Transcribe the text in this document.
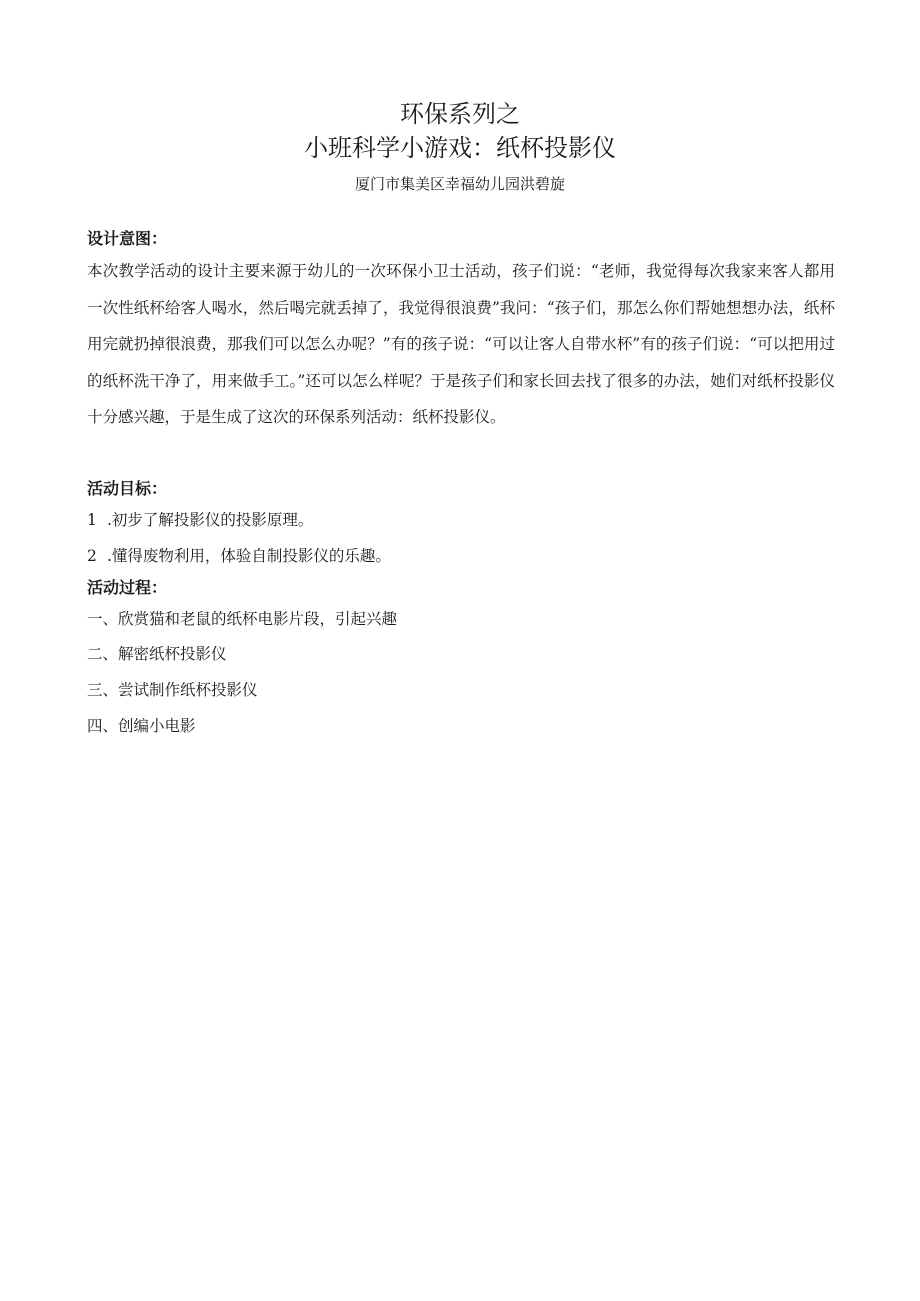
环保系列之
小班科学小游戏：纸杯投影仪
厦门市集美区幸福幼儿园洪碧旋
设计意图：
本次教学活动的设计主要来源于幼儿的一次环保小卫士活动，孩子们说：“老师，我觉得每次我家来客人都用一次性纸杯给客人喝水，然后喝完就丢掉了，我觉得很浪费”我问：“孩子们，那怎么你们帮她想想办法，纸杯用完就扔掉很浪费，那我们可以怎么办呢？”有的孩子说：“可以让客人自带水杯”有的孩子们说：“可以把用过的纸杯洗干净了，用来做手工。”还可以怎么样呢？于是孩子们和家长回去找了很多的办法，她们对纸杯投影仪十分感兴趣，于是生成了这次的环保系列活动：纸杯投影仪。
活动目标：
1 .初步了解投影仪的投影原理。
2 .懂得废物利用，体验自制投影仪的乐趣。
活动过程：
一、欣赏猫和老鼠的纸杯电影片段，引起兴趣
二、解密纸杯投影仪
三、尝试制作纸杯投影仪
四、创编小电影
